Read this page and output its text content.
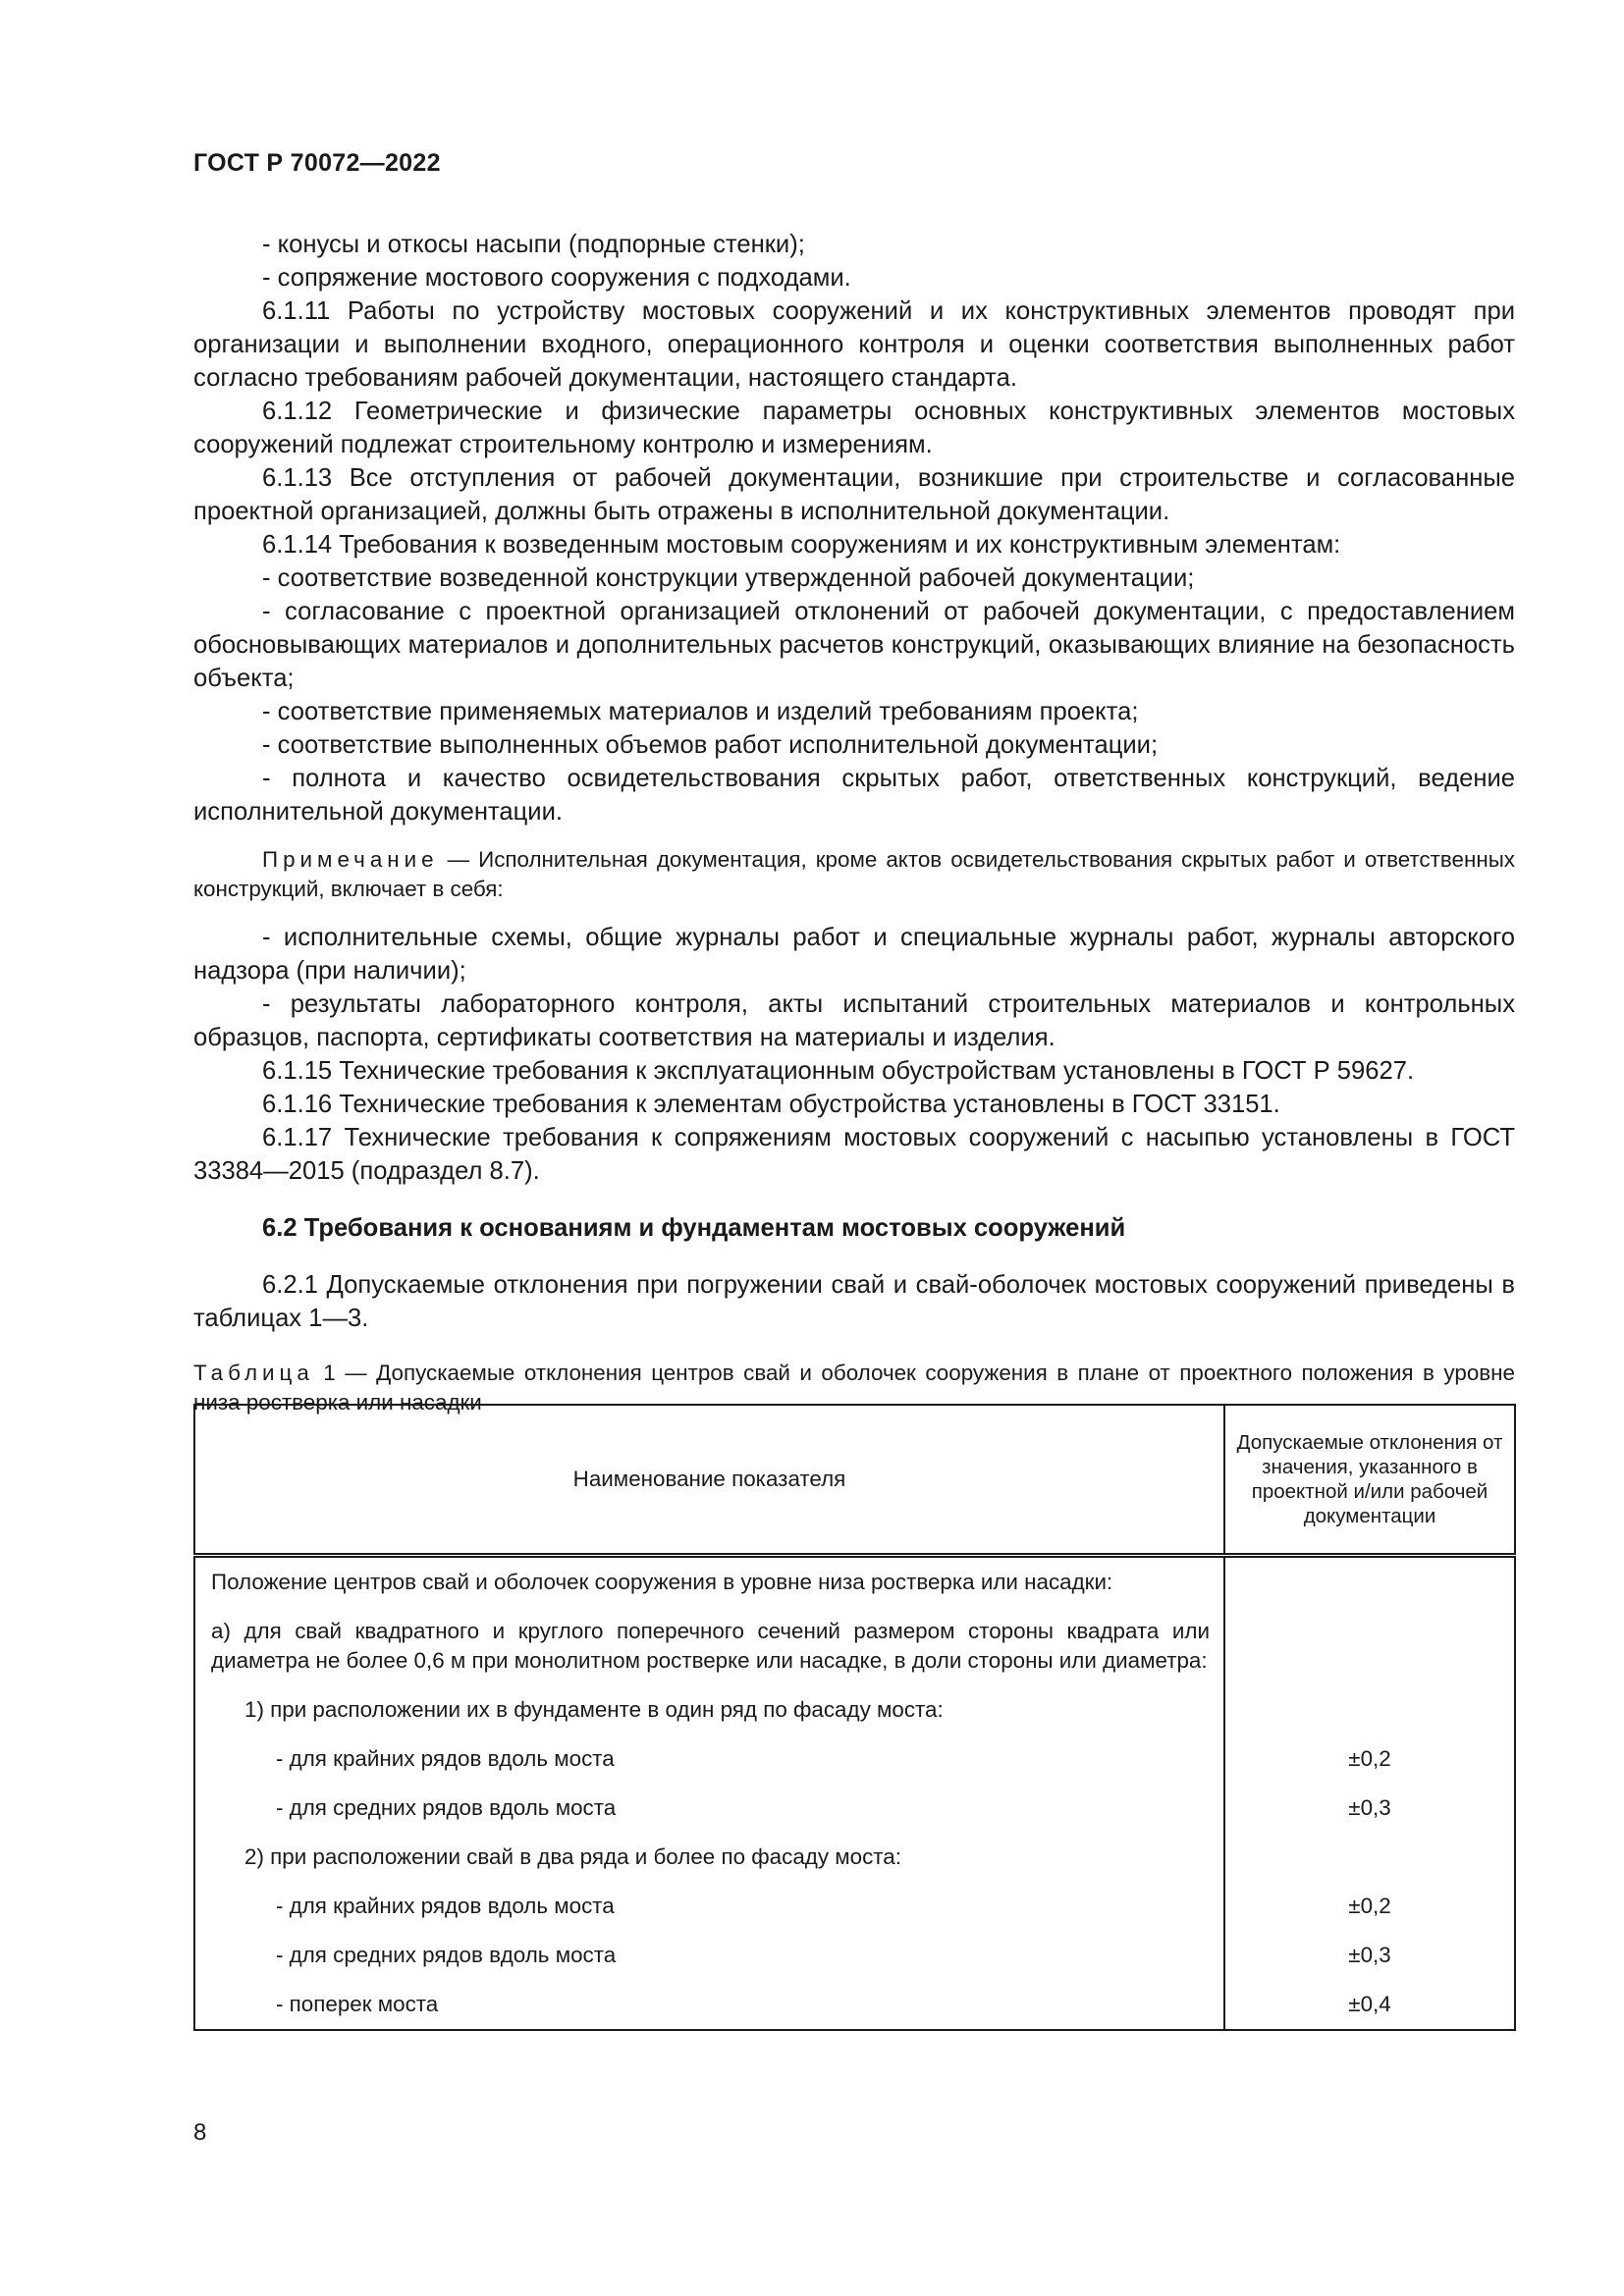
ГОСТ Р 70072—2022

- конусы и откосы насыпи (подпорные стенки);

- сопряжение мостового сооружения с подходами.

6.1.11 Работы по устройству мостовых сооружений и их конструктивных элементов проводят при организации и выполнении входного, операционного контроля и оценки соответствия выполненных работ согласно требованиям рабочей документации, настоящего стандарта.

6.1.12 Геометрические и физические параметры основных конструктивных элементов мостовых сооружений подлежат строительному контролю и измерениям.

6.1.13 Все отступления от рабочей документации, возникшие при строительстве и согласованные проектной организацией, должны быть отражены в исполнительной документации.

6.1.14 Требования к возведенным мостовым сооружениям и их конструктивным элементам:

- соответствие возведенной конструкции утвержденной рабочей документации;

- согласование с проектной организацией отклонений от рабочей документации, с предоставлением обосновывающих материалов и дополнительных расчетов конструкций, оказывающих влияние на безопасность объекта;

- соответствие применяемых материалов и изделий требованиям проекта;

- соответствие выполненных объемов работ исполнительной документации;

- полнота и качество освидетельствования скрытых работ, ответственных конструкций, ведение исполнительной документации.

Примечание — Исполнительная документация, кроме актов освидетельствования скрытых работ и ответственных конструкций, включает в себя:

- исполнительные схемы, общие журналы работ и специальные журналы работ, журналы авторского надзора (при наличии);

- результаты лабораторного контроля, акты испытаний строительных материалов и контрольных образцов, паспорта, сертификаты соответствия на материалы и изделия.

6.1.15 Технические требования к эксплуатационным обустройствам установлены в ГОСТ Р 59627.

6.1.16 Технические требования к элементам обустройства установлены в ГОСТ 33151.

6.1.17 Технические требования к сопряжениям мостовых сооружений с насыпью установлены в ГОСТ 33384—2015 (подраздел 8.7).

6.2 Требования к основаниям и фундаментам мостовых сооружений

6.2.1 Допускаемые отклонения при погружении свай и свай-оболочек мостовых сооружений приведены в таблицах 1—3.

Таблица 1 — Допускаемые отклонения центров свай и оболочек сооружения в плане от проектного положения в уровне низа ростверка или насадки

Наименование показателя	Допускаемые отклонения от значения, указанного в проектной и/или рабочей документации
Положение центров свай и оболочек сооружения в уровне низа ростверка или насадки:	
а) для свай квадратного и круглого поперечного сечений размером стороны квадрата или диаметра не более 0,6 м при монолитном ростверке или насадке, в доли стороны или диаметра:	
1) при расположении их в фундаменте в один ряд по фасаду моста:	
- для крайних рядов вдоль моста	±0,2
- для средних рядов вдоль моста	±0,3
2) при расположении свай в два ряда и более по фасаду моста:	
- для крайних рядов вдоль моста	±0,2
- для средних рядов вдоль моста	±0,3
- поперек моста	±0,4
8
